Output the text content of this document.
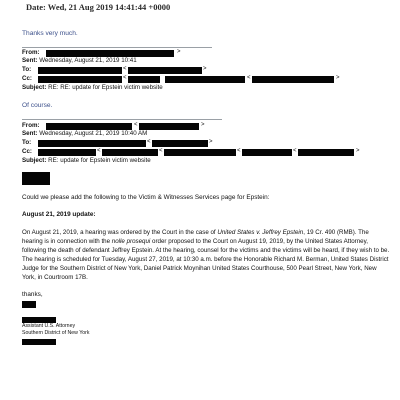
Date: Wed, 21 Aug 2019 14:41:44 +0000
Thanks very much.
From:	>
Sent: Wednesday, August 21, 2019 10:41
To:	<	>
Cc:	<	<	>
Subject: RE: RE: update for Epstein victim website
Of course.
From:	<	>
Sent: Wednesday, August 21, 2019 10:40 AM
To:	<	>
Cc:	<	<	<	<	>
Subject: RE: update for Epstein victim website
Could we please add the following to the Victim & Witnesses Services page for Epstein:
August 21, 2019 update:
On August 21, 2019, a hearing was ordered by the Court in the case of United States v. Jeffrey Epstein, 19 Cr. 490 (RMB). The hearing is in connection with the nolle prosequi order proposed to the Court on August 19, 2019, by the United States Attorney, following the death of defendant Jeffrey Epstein. At the hearing, counsel for the victims and the victims will be heard, if they wish to be. The hearing is scheduled for Tuesday, August 27, 2019, at 10:30 a.m. before the Honorable Richard M. Berman, United States District Judge for the Southern District of New York, Daniel Patrick Moynihan United States Courthouse, 500 Pearl Street, New York, New York, in Courtroom 17B.
thanks,
Assistant U.S. Attorney
Southern District of New York
